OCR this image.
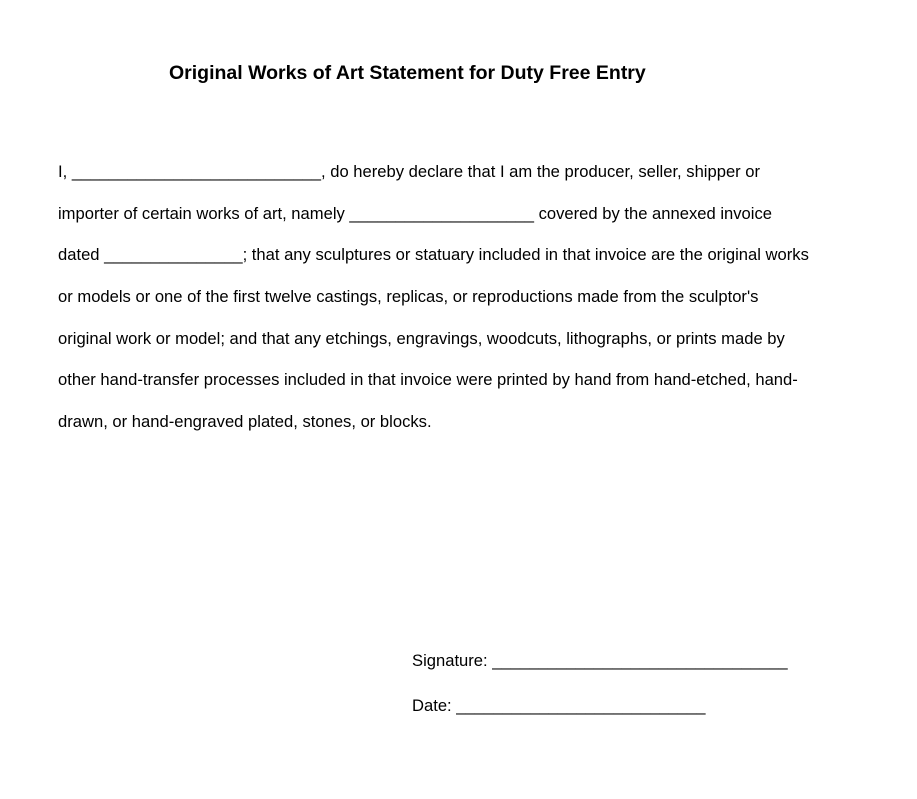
Original Works of Art Statement for Duty Free Entry
I, ___________________________, do hereby declare that I am the producer, seller, shipper or
importer of certain works of art, namely ____________________ covered by the annexed invoice
dated _______________; that any sculptures or statuary included in that invoice are the original works
or models or one of the first twelve castings, replicas, or reproductions made from the sculptor's
original work or model; and that any etchings, engravings, woodcuts, lithographs, or prints made by
other hand-transfer processes included in that invoice were printed by hand from hand-etched, hand-
drawn, or hand-engraved plated, stones, or blocks.
Signature: ________________________________
Date: ___________________________
